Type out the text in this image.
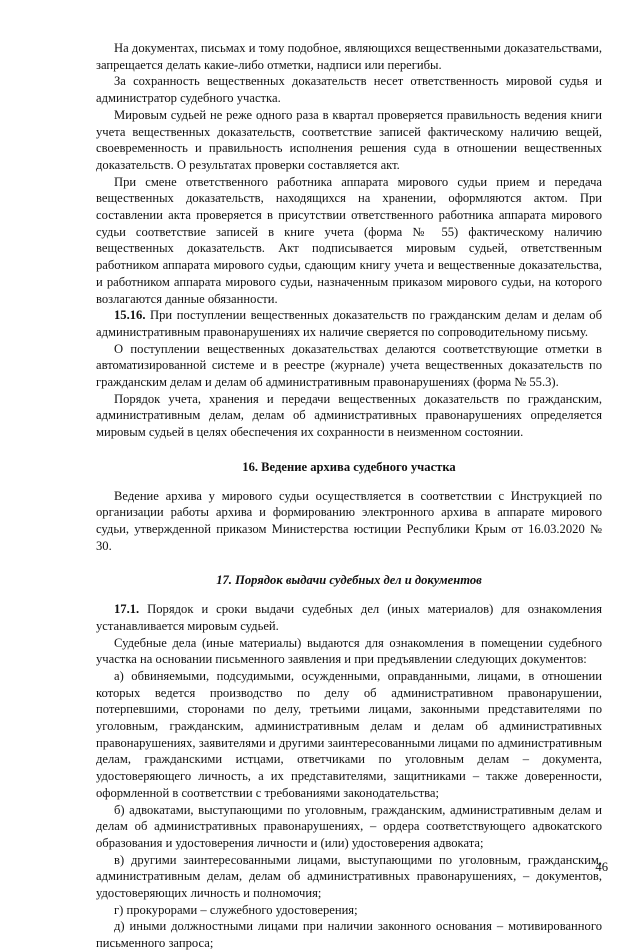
На документах, письмах и тому подобное, являющихся вещественными доказательствами, запрещается делать какие-либо отметки, надписи или перегибы.

За сохранность вещественных доказательств несет ответственность мировой судья и администратор судебного участка.

Мировым судьей не реже одного раза в квартал проверяется правильность ведения книги учета вещественных доказательств, соответствие записей фактическому наличию вещей, своевременность и правильность исполнения решения суда в отношении вещественных доказательств. О результатах проверки составляется акт.

При смене ответственного работника аппарата мирового судьи прием и передача вещественных доказательств, находящихся на хранении, оформляются актом. При составлении акта проверяется в присутствии ответственного работника аппарата мирового судьи соответствие записей в книге учета (форма № 55) фактическому наличию вещественных доказательств. Акт подписывается мировым судьей, ответственным работником аппарата мирового судьи, сдающим книгу учета и вещественные доказательства, и работником аппарата мирового судьи, назначенным приказом мирового судьи, на которого возлагаются данные обязанности.

15.16. При поступлении вещественных доказательств по гражданским делам и делам об административным правонарушениях их наличие сверяется по сопроводительному письму.

О поступлении вещественных доказательствах делаются соответствующие отметки в автоматизированной системе и в реестре (журнале) учета вещественных доказательств по гражданским делам и делам об административным правонарушениях (форма № 55.3).

Порядок учета, хранения и передачи вещественных доказательств по гражданским, административным делам, делам об административных правонарушениях определяется мировым судьей в целях обеспечения их сохранности в неизменном состоянии.

16. Ведение архива судебного участка

Ведение архива у мирового судьи осуществляется в соответствии с Инструкцией по организации работы архива и формированию электронного архива в аппарате мирового судьи, утвержденной приказом Министерства юстиции Республики Крым от 16.03.2020 № 30.

17. Порядок выдачи судебных дел и документов

17.1. Порядок и сроки выдачи судебных дел (иных материалов) для ознакомления устанавливается мировым судьей.

Судебные дела (иные материалы) выдаются для ознакомления в помещении судебного участка на основании письменного заявления и при предъявлении следующих документов:

а) обвиняемыми, подсудимыми, осужденными, оправданными, лицами, в отношении которых ведется производство по делу об административном правонарушении, потерпевшими, сторонами по делу, третьими лицами, законными представителями по уголовным, гражданским, административным делам и делам об административных правонарушениях, заявителями и другими заинтересованными лицами по административным делам, гражданскими истцами, ответчиками по уголовным делам – документа, удостоверяющего личность, а их представителями, защитниками – также доверенности, оформленной в соответствии с требованиями законодательства;

б) адвокатами, выступающими по уголовным, гражданским, административным делам и делам об административных правонарушениях, – ордера соответствующего адвокатского образования и удостоверения личности и (или) удостоверения адвоката;

в) другими заинтересованными лицами, выступающими по уголовным, гражданским, административным делам, делам об административных правонарушениях, – документов, удостоверяющих личность и полномочия;

г) прокурорами – служебного удостоверения;

д) иными должностными лицами при наличии законного основания – мотивированного письменного запроса;

46
